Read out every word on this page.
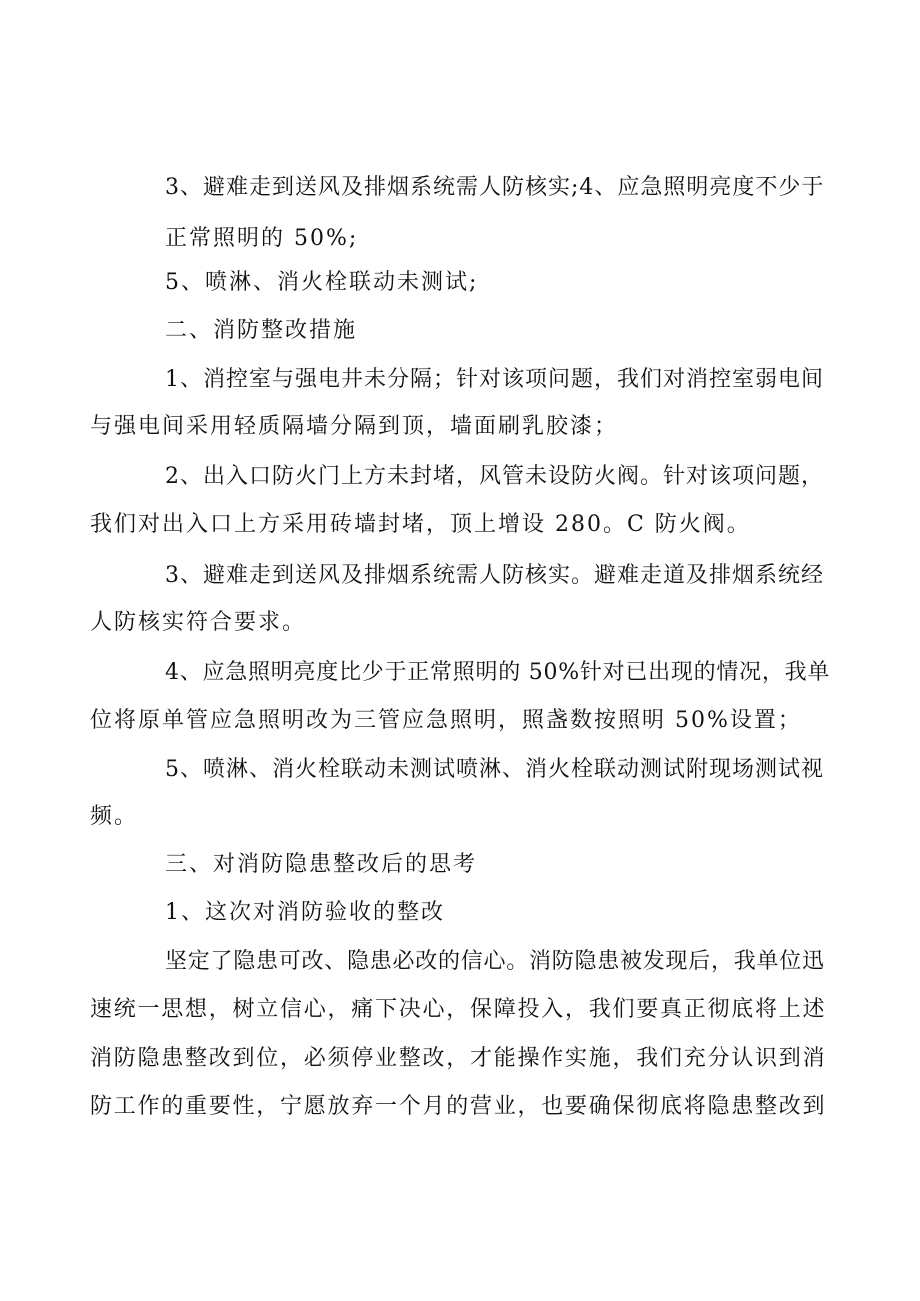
3、避难走到送风及排烟系统需人防核实;4、应急照明亮度不少于
正常照明的 50%;
5、喷淋、消火栓联动未测试;
二、消防整改措施
1、消控室与强电井未分隔；针对该项问题，我们对消控室弱电间
与强电间采用轻质隔墙分隔到顶，墙面刷乳胶漆；
2、出入口防火门上方未封堵，风管未设防火阀。针对该项问题，
我们对出入口上方采用砖墙封堵，顶上增设 280。C 防火阀。
3、避难走到送风及排烟系统需人防核实。避难走道及排烟系统经
人防核实符合要求。
4、应急照明亮度比少于正常照明的 50%针对已出现的情况，我单
位将原单管应急照明改为三管应急照明，照盏数按照明 50%设置；
5、喷淋、消火栓联动未测试喷淋、消火栓联动测试附现场测试视
频。
三、对消防隐患整改后的思考
1、这次对消防验收的整改
坚定了隐患可改、隐患必改的信心。消防隐患被发现后，我单位迅
速统一思想，树立信心，痛下决心，保障投入，我们要真正彻底将上述
消防隐患整改到位，必须停业整改，才能操作实施，我们充分认识到消
防工作的重要性，宁愿放弃一个月的营业，也要确保彻底将隐患整改到
